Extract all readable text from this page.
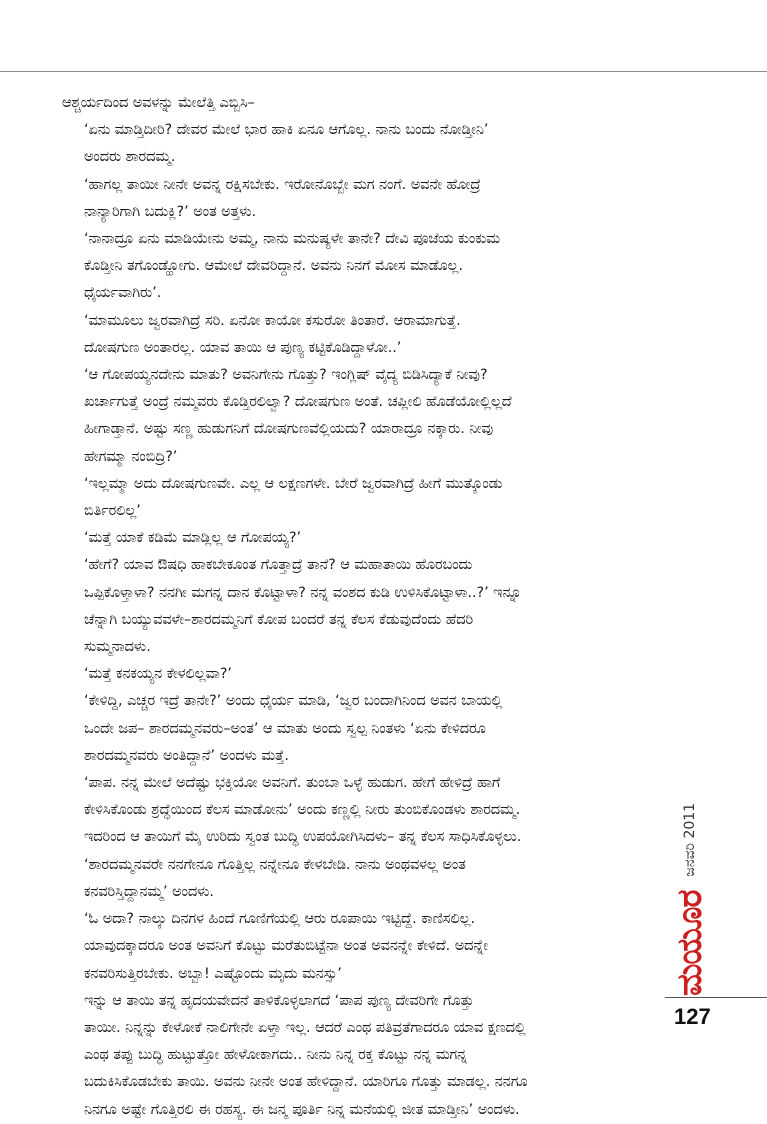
ಆಶ್ಚರ್ಯದಿಂದ ಅವಳನ್ನು ಮೇಲೆತ್ತಿ ಎಬ್ಬಿಸಿ–

‘ಏನು ಮಾಡ್ತಿದೀರಿ? ದೇವರ ಮೇಲೆ ಭಾರ ಹಾಕಿ ಏನೂ ಆಗೊಲ್ಲ. ನಾನು ಬಂದು ನೋಡ್ತೀನಿ’
ಅಂದರು ಶಾರದಮ್ಮ.

‘ಹಾಗಲ್ಲ ತಾಯೀ ನೀನೇ ಅವನ್ನ ರಕ್ಷಿಸಬೇಕು. ಇರೋನೊಬ್ಬೇ ಮಗ ನಂಗೆ. ಅವನೇ ಹೋದ್ರೆ
ನಾನ್ಯಾರಿಗಾಗಿ ಬದುಕ್ಲಿ?’ ಅಂತ ಅತ್ತಳು.

‘ನಾನಾದ್ರೂ ಏನು ಮಾಡಿಯೇನು ಅಮ್ಮ, ನಾನು ಮನುಷ್ಯಳೇ ತಾನೇ? ದೇವಿ ಪೂಜೆಯ ಕುಂಕುಮ
ಕೊಡ್ತೀನಿ ತಗೊಂಡ್ಹೋಗು. ಆಮೇಲೆ ದೇವರಿದ್ದಾನೆ. ಅವನು ನಿನಗೆ ಮೋಸ ಮಾಡೊಲ್ಲ.
ಧೈರ್ಯವಾಗಿರು’.

‘ಮಾಮೂಲು ಜ್ವರವಾಗಿದ್ರೆ ಸರಿ. ಏನೋ ಕಾಯೋ ಕಸುರೋ ತಿಂತಾರೆ. ಆರಾಮಾಗುತ್ತೆ.
ದೋಷಗುಣ ಅಂತಾರಲ್ಲ. ಯಾವ ತಾಯಿ ಆ ಪುಣ್ಯ ಕಟ್ಟಿಕೊಡಿದ್ದಾಳೋ..’

‘ಆ ಗೋಪಯ್ಯನದೇನು ಮಾತು? ಅವನಿಗೇನು ಗೊತ್ತು? ಇಂಗ್ಲಿಷ್ ವೈದ್ಯ ಬಿಡಿಸಿದ್ಯಾಕೆ ನೀವು?
ಖರ್ಚಾಗುತ್ತೆ ಅಂದ್ರೆ ನಮ್ಮವರು ಕೊಡ್ತಿರಲಿಲ್ವಾ? ದೋಷಗುಣ ಅಂತೆ. ಚಪ್ಲೀಲಿ ಹೊಡೆಯೋಲ್ಲಿಲ್ಲದೆ
ಹೀಗಾಡ್ತಾನೆ. ಅಷ್ಟು ಸಣ್ಣ ಹುಡುಗನಿಗೆ ದೋಷಗುಣವೆಲ್ಲಿಯದು? ಯಾರಾದ್ರೂ ನಕ್ಕಾರು. ನೀವು
ಹೇಗಮ್ಮಾ ನಂಬಿದ್ರಿ?’

‘ಇಲ್ಲಮ್ಮಾ ಅದು ದೋಷಗುಣವೇ. ಎಲ್ಲ ಆ ಲಕ್ಷಣಗಳೇ. ಬೇರೆ ಜ್ವರವಾಗಿದ್ರೆ ಹೀಗೆ ಮುತ್ಕೊಂಡು
ಬಿರ್ತಿರಲಿಲ್ಲ’

‘ಮತ್ತೆ ಯಾಕೆ ಕಡಿಮೆ ಮಾಡ್ಲಿಲ್ಲ ಆ ಗೋಪಯ್ಯ?’

‘ಹೇಗೆ? ಯಾವ ಔಷಧಿ ಹಾಕಬೇಕೂಂತ ಗೊತ್ತಾದ್ರೆ ತಾನೆ? ಆ ಮಹಾತಾಯಿ ಹೊರಬಂದು
ಒಪ್ಪಿಕೊಳ್ತಾಳಾ? ನನಗೀ ಮಗನ್ನ ದಾನ ಕೊಟ್ಟಾಳಾ? ನನ್ನ ವಂಶದ ಕುಡಿ ಉಳಿಸಿಕೊಟ್ಟಾಳಾ..?’ ಇನ್ನೂ
ಚೆನ್ನಾಗಿ ಬಯ್ಯುವವಳೇ–ಶಾರದಮ್ಮನಿಗೆ ಕೋಪ ಬಂದರೆ ತನ್ನ ಕೆಲಸ ಕೆಡುವುದೆಂದು ಹೆದರಿ
ಸುಮ್ಮನಾದಳು.

‘ಮತ್ತೆ ಕನಕಯ್ಯನ ಕೇಳಲಿಲ್ಲವಾ?’

‘ಕೇಳಿದ್ದಿ, ಎಚ್ಚರ ಇದ್ರೆ ತಾನೇ?’ ಅಂದು ಧೈರ್ಯ ಮಾಡಿ, ‘ಜ್ವರ ಬಂದಾಗಿನಿಂದ ಅವನ ಬಾಯಲ್ಲಿ
ಒಂದೇ ಜಪ– ಶಾರದಮ್ಮನವರು–ಅಂತ’ ಆ ಮಾತು ಅಂದು ಸ್ವಲ್ಪ ನಿಂತಳು ‘ಏನು ಕೇಳಿದರೂ
ಶಾರದಮ್ಮನವರು ಅಂತಿದ್ದಾನೆ’ ಅಂದಳು ಮತ್ತೆ.

‘ಪಾಪ. ನನ್ನ ಮೇಲೆ ಅದೆಷ್ಟು ಭಕ್ತಿಯೋ ಅವನಿಗೆ. ತುಂಬಾ ಒಳ್ಳೆ ಹುಡುಗ. ಹೇಗೆ ಹೇಳಿದ್ರೆ ಹಾಗೆ
ಕೇಳಿಸಿಕೊಂಡು ಶ್ರದ್ಧೆಯಿಂದ ಕೆಲಸ ಮಾಡೋನು’ ಅಂದು ಕಣ್ಣಲ್ಲಿ ನೀರು ತುಂಬಿಕೊಂಡಳು ಶಾರದಮ್ಮ.
ಇದರಿಂದ ಆ ತಾಯಿಗೆ ಮೈ ಉರಿದು ಸ್ವಂತ ಬುದ್ಧಿ ಉಪಯೋಗಿಸಿದಳು– ತನ್ನ ಕೆಲಸ ಸಾಧಿಸಿಕೊಳ್ಳಲು.

‘ಶಾರದಮ್ಮನವರೇ ನನಗೇನೂ ಗೊತ್ತಿಲ್ಲ ನನ್ನೇನೂ ಕೇಳಬೇಡಿ. ನಾನು ಅಂಥವಳಲ್ಲ ಅಂತ
ಕನವರಿಸ್ತಿದ್ದಾನಮ್ಮ’ ಅಂದಳು.

‘ಓ ಅದಾ? ನಾಲ್ಕು ದಿನಗಳ ಹಿಂದೆ ಗೂಣಿಗೆಯಲ್ಲಿ ಆರು ರೂಪಾಯಿ ಇಟ್ಟಿದ್ದೆ. ಕಾಣಿಸಲಿಲ್ಲ.
ಯಾವುದಕ್ಕಾದರೂ ಅಂತ ಅವನಿಗೆ ಕೊಟ್ಟು ಮರೆತುಬಿಟ್ಟೆನಾ ಅಂತ ಅವನನ್ನೇ ಕೇಳಿದೆ. ಅದನ್ನೇ
ಕನವರಿಸುತ್ತಿರಬೇಕು. ಅಬ್ಬಾ! ಎಷ್ಟೊಂದು ಮೃದು ಮನಸ್ಸು’

ಇನ್ನು ಆ ತಾಯಿ ತನ್ನ ಹೃದಯವೇದನೆ ತಾಳಿಕೊಳ್ಳಲಾಗದೆ ‘ಪಾಪ ಪುಣ್ಯ ದೇವರಿಗೇ ಗೊತ್ತು
ತಾಯೀ. ನಿನ್ನನ್ನು ಕೇಳೋಕೆ ನಾಲಿಗೇನೇ ಏಳ್ತಾ ಇಲ್ಲ. ಆದರೆ ಎಂಥ ಪತಿವ್ರತೆಗಾದರೂ ಯಾವ ಕ್ಷಣದಲ್ಲಿ
ಎಂಥ ತಪ್ಪು ಬುದ್ಧಿ ಹುಟ್ಟುತ್ತೋ ಹೇಳೋಕಾಗದು.. ನೀನು ನಿನ್ನ ರಕ್ತ ಕೊಟ್ಟು ನನ್ನ ಮಗನ್ನ
ಬದುಕಿಸಿಕೊಡಬೇಕು ತಾಯಿ. ಅವನು ನೀನೇ ಅಂತ ಹೇಳಿದ್ದಾನೆ. ಯಾರಿಗೂ ಗೊತ್ತು ಮಾಡಲ್ಲ. ನನಗೂ
ನಿನಗೂ ಅಷ್ಟೇ ಗೊತ್ತಿರಲಿ ಈ ರಹಸ್ಯ. ಈ ಜನ್ಮ ಪೂರ್ತಿ ನಿನ್ನ ಮನೆಯಲ್ಲಿ ಜೀತ ಮಾಡ್ತೀನಿ’ ಅಂದಳು.

ಮಯೂರ
ಜನವರಿ 2011
127
